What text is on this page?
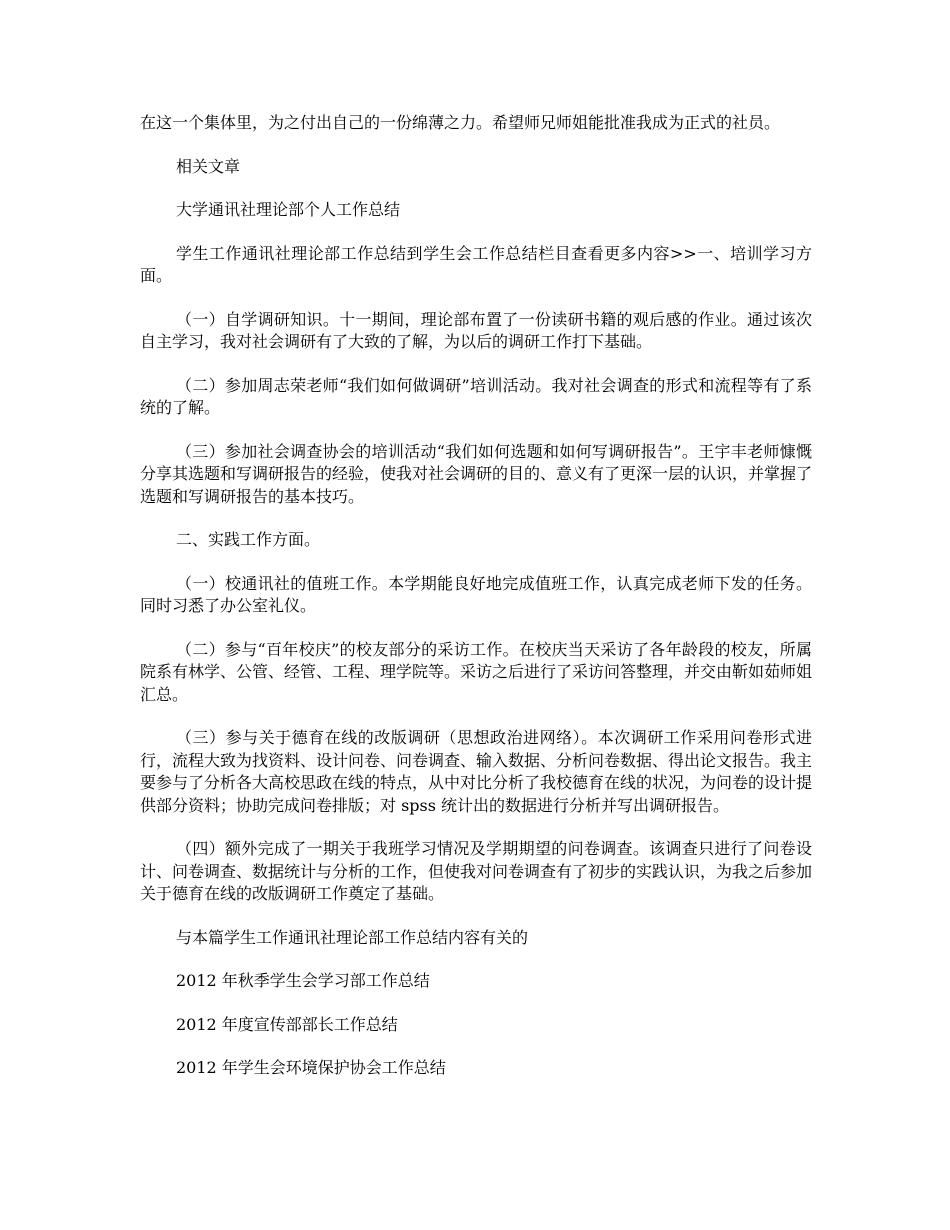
在这一个集体里，为之付出自己的一份绵薄之力。希望师兄师姐能批准我成为正式的社员。

相关文章

大学通讯社理论部个人工作总结

学生工作通讯社理论部工作总结到学生会工作总结栏目查看更多内容>>一、培训学习方面。

（一）自学调研知识。十一期间，理论部布置了一份读研书籍的观后感的作业。通过该次自主学习，我对社会调研有了大致的了解，为以后的调研工作打下基础。

（二）参加周志荣老师“我们如何做调研”培训活动。我对社会调查的形式和流程等有了系统的了解。

（三）参加社会调查协会的培训活动“我们如何选题和如何写调研报告”。王宇丰老师慷慨分享其选题和写调研报告的经验，使我对社会调研的目的、意义有了更深一层的认识，并掌握了选题和写调研报告的基本技巧。

二、实践工作方面。

（一）校通讯社的值班工作。本学期能良好地完成值班工作，认真完成老师下发的任务。同时习悉了办公室礼仪。

（二）参与“百年校庆”的校友部分的采访工作。在校庆当天采访了各年龄段的校友，所属院系有林学、公管、经管、工程、理学院等。采访之后进行了采访问答整理，并交由靳如茹师姐汇总。

（三）参与关于德育在线的改版调研（思想政治进网络）。本次调研工作采用问卷形式进行，流程大致为找资料、设计问卷、问卷调查、输入数据、分析问卷数据、得出论文报告。我主要参与了分析各大高校思政在线的特点，从中对比分析了我校德育在线的状况，为问卷的设计提供部分资料；协助完成问卷排版；对 spss 统计出的数据进行分析并写出调研报告。

（四）额外完成了一期关于我班学习情况及学期期望的问卷调查。该调查只进行了问卷设计、问卷调查、数据统计与分析的工作，但使我对问卷调查有了初步的实践认识，为我之后参加关于德育在线的改版调研工作奠定了基础。

与本篇学生工作通讯社理论部工作总结内容有关的

2012 年秋季学生会学习部工作总结

2012 年度宣传部部长工作总结

2012 年学生会环境保护协会工作总结
